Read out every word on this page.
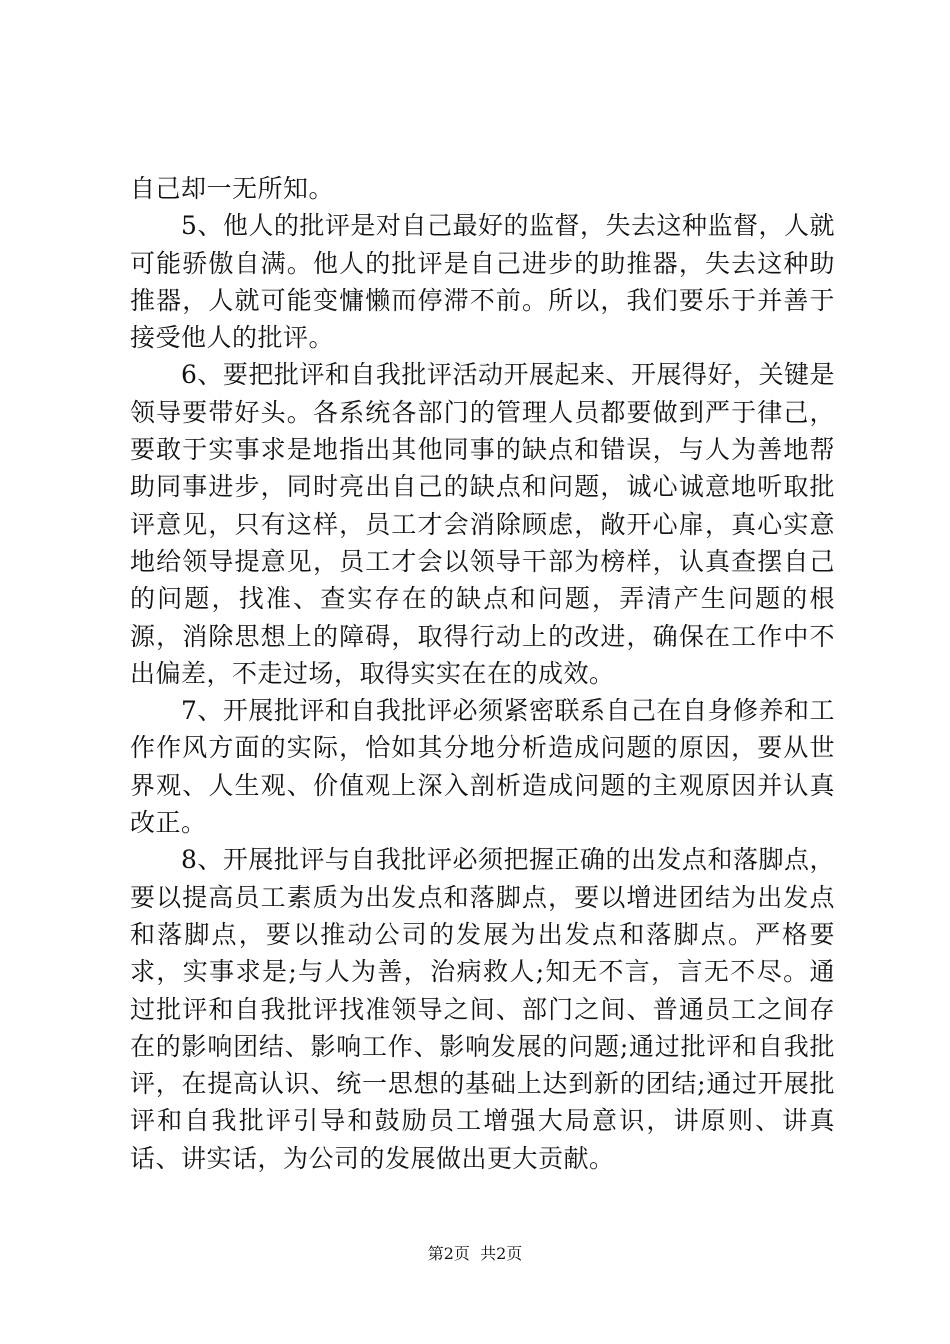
自己却一无所知。

5、他人的批评是对自己最好的监督，失去这种监督，人就可能骄傲自满。他人的批评是自己进步的助推器，失去这种助推器，人就可能变慵懒而停滞不前。所以，我们要乐于并善于接受他人的批评。

6、要把批评和自我批评活动开展起来、开展得好，关键是领导要带好头。各系统各部门的管理人员都要做到严于律己，要敢于实事求是地指出其他同事的缺点和错误，与人为善地帮助同事进步，同时亮出自己的缺点和问题，诚心诚意地听取批评意见，只有这样，员工才会消除顾虑，敞开心扉，真心实意地给领导提意见，员工才会以领导干部为榜样，认真查摆自己的问题，找准、查实存在的缺点和问题，弄清产生问题的根源，消除思想上的障碍，取得行动上的改进，确保在工作中不出偏差，不走过场，取得实实在在的成效。

7、开展批评和自我批评必须紧密联系自己在自身修养和工作作风方面的实际，恰如其分地分析造成问题的原因，要从世界观、人生观、价值观上深入剖析造成问题的主观原因并认真改正。

8、开展批评与自我批评必须把握正确的出发点和落脚点，要以提高员工素质为出发点和落脚点，要以增进团结为出发点和落脚点，要以推动公司的发展为出发点和落脚点。严格要求，实事求是;与人为善，治病救人;知无不言，言无不尽。通过批评和自我批评找准领导之间、部门之间、普通员工之间存在的影响团结、影响工作、影响发展的问题;通过批评和自我批评，在提高认识、统一思想的基础上达到新的团结;通过开展批评和自我批评引导和鼓励员工增强大局意识，讲原则、讲真话、讲实话，为公司的发展做出更大贡献。

第2页  共2页
